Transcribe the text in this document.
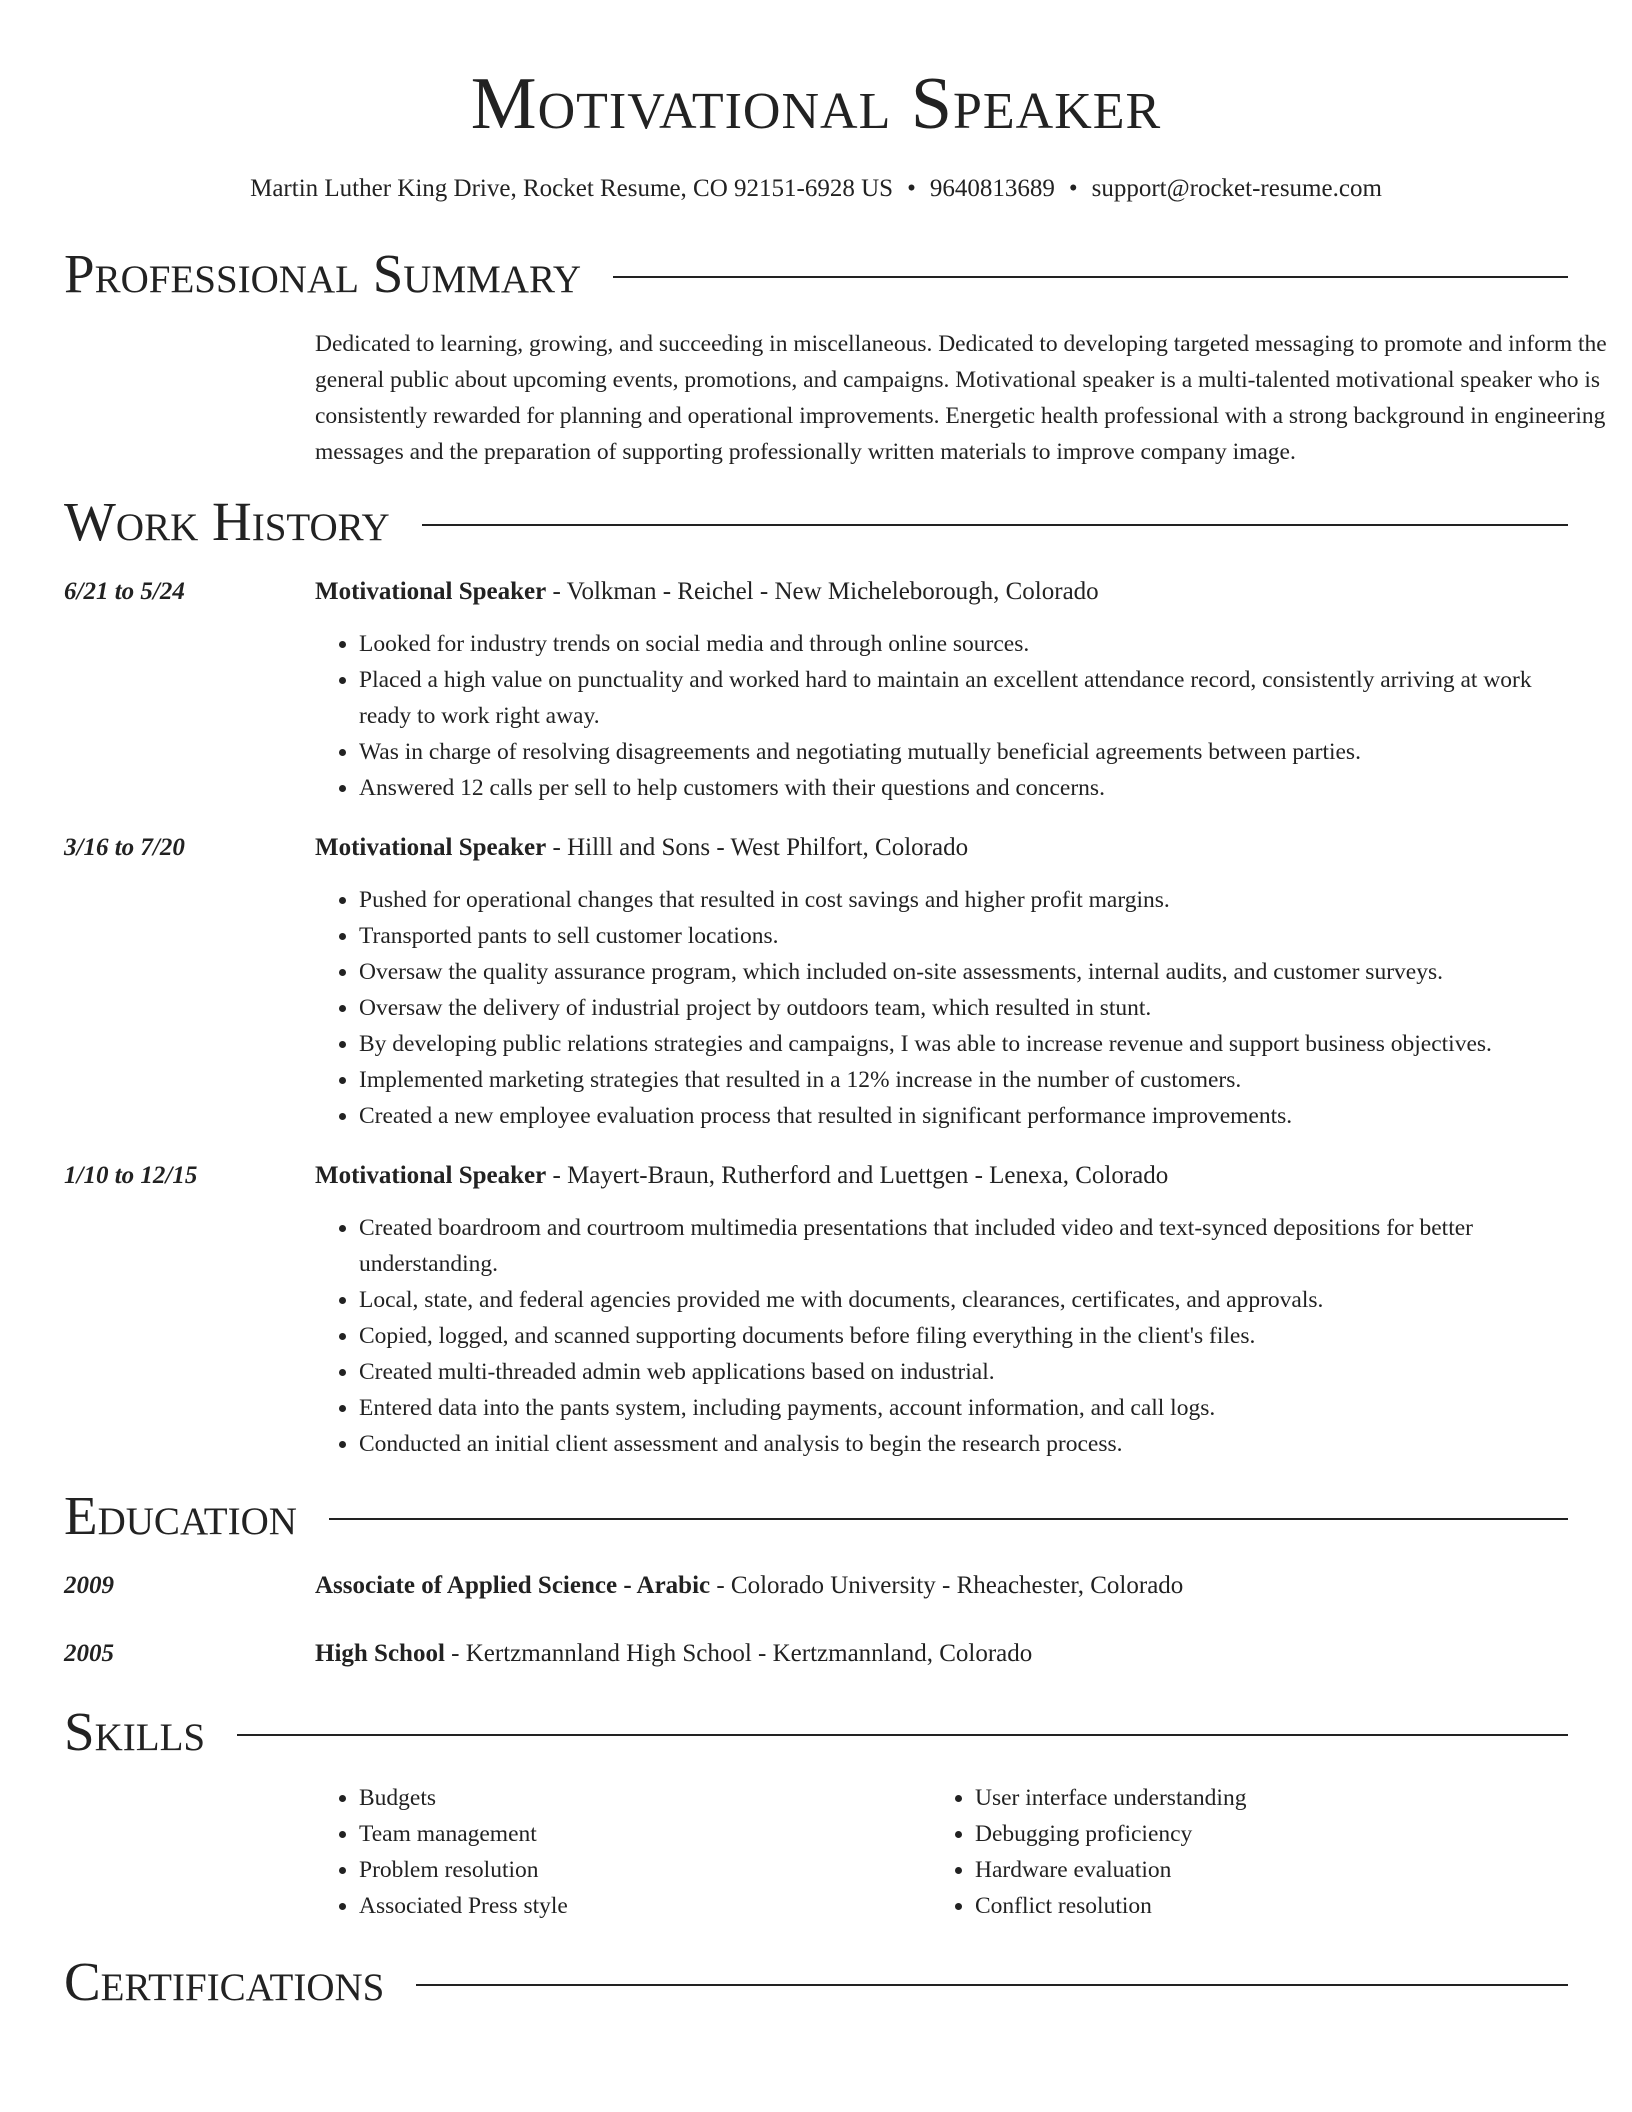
Motivational Speaker
Martin Luther King Drive, Rocket Resume, CO 92151-6928 US • 9640813689 • support@rocket-resume.com
Professional Summary
Dedicated to learning, growing, and succeeding in miscellaneous. Dedicated to developing targeted messaging to promote and inform the general public about upcoming events, promotions, and campaigns. Motivational speaker is a multi-talented motivational speaker who is consistently rewarded for planning and operational improvements. Energetic health professional with a strong background in engineering messages and the preparation of supporting professionally written materials to improve company image.
Work History
6/21 to 5/24	Motivational Speaker - Volkman - Reichel - New Micheleborough, Colorado
• Looked for industry trends on social media and through online sources.
• Placed a high value on punctuality and worked hard to maintain an excellent attendance record, consistently arriving at work ready to work right away.
• Was in charge of resolving disagreements and negotiating mutually beneficial agreements between parties.
• Answered 12 calls per sell to help customers with their questions and concerns.
3/16 to 7/20	Motivational Speaker - Hilll and Sons - West Philfort, Colorado
• Pushed for operational changes that resulted in cost savings and higher profit margins.
• Transported pants to sell customer locations.
• Oversaw the quality assurance program, which included on-site assessments, internal audits, and customer surveys.
• Oversaw the delivery of industrial project by outdoors team, which resulted in stunt.
• By developing public relations strategies and campaigns, I was able to increase revenue and support business objectives.
• Implemented marketing strategies that resulted in a 12% increase in the number of customers.
• Created a new employee evaluation process that resulted in significant performance improvements.
1/10 to 12/15	Motivational Speaker - Mayert-Braun, Rutherford and Luettgen - Lenexa, Colorado
• Created boardroom and courtroom multimedia presentations that included video and text-synced depositions for better understanding.
• Local, state, and federal agencies provided me with documents, clearances, certificates, and approvals.
• Copied, logged, and scanned supporting documents before filing everything in the client's files.
• Created multi-threaded admin web applications based on industrial.
• Entered data into the pants system, including payments, account information, and call logs.
• Conducted an initial client assessment and analysis to begin the research process.
Education
2009	Associate of Applied Science - Arabic - Colorado University - Rheachester, Colorado
2005	High School - Kertzmannland High School - Kertzmannland, Colorado
Skills
• Budgets
• Team management
• Problem resolution
• Associated Press style
• User interface understanding
• Debugging proficiency
• Hardware evaluation
• Conflict resolution
Certifications
